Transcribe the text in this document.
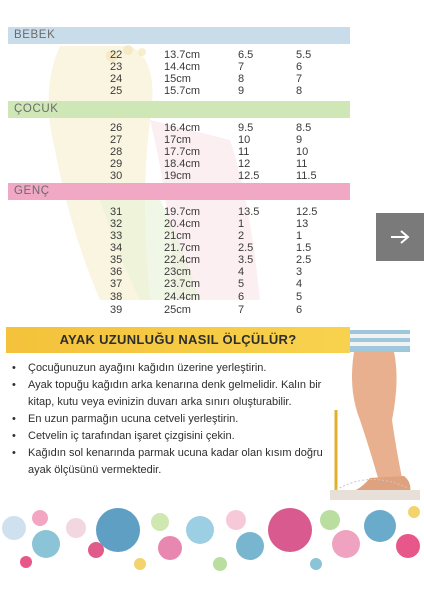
BEBEK
22	13.7cm	6.5	5.5
23	14.4cm	7	6
24	15cm	8	7
25	15.7cm	9	8
ÇOCUK
26	16.4cm	9.5	8.5
27	17cm	10	9
28	17.7cm	11	10
29	18.4cm	12	11
30	19cm	12.5	11.5
GENÇ
31	19.7cm	13.5	12.5
32	20.4cm	1	13
33	21cm	2	1
34	21.7cm	2.5	1.5
35	22.4cm	3.5	2.5
36	23cm	4	3
37	23.7cm	5	4
38	24.4cm	6	5
39	25cm	7	6
AYAK UZUNLUĞU NASIL ÖLÇÜLÜR?
• Çocuğunuzun ayağını kağıdın üzerine yerleştirin.
• Ayak topuğu kağıdın arka kenarına denk gelmelidir. Kalın bir kitap, kutu veya evinizin duvarı arka sınırı oluşturabilir.
• En uzun parmağın ucuna cetveli yerleştirin.
• Cetvelin iç tarafından işaret çizgisini çekin.
• Kağıdın sol kenarında parmak ucuna kadar olan kısım doğru ayak ölçüsünü vermektedir.
